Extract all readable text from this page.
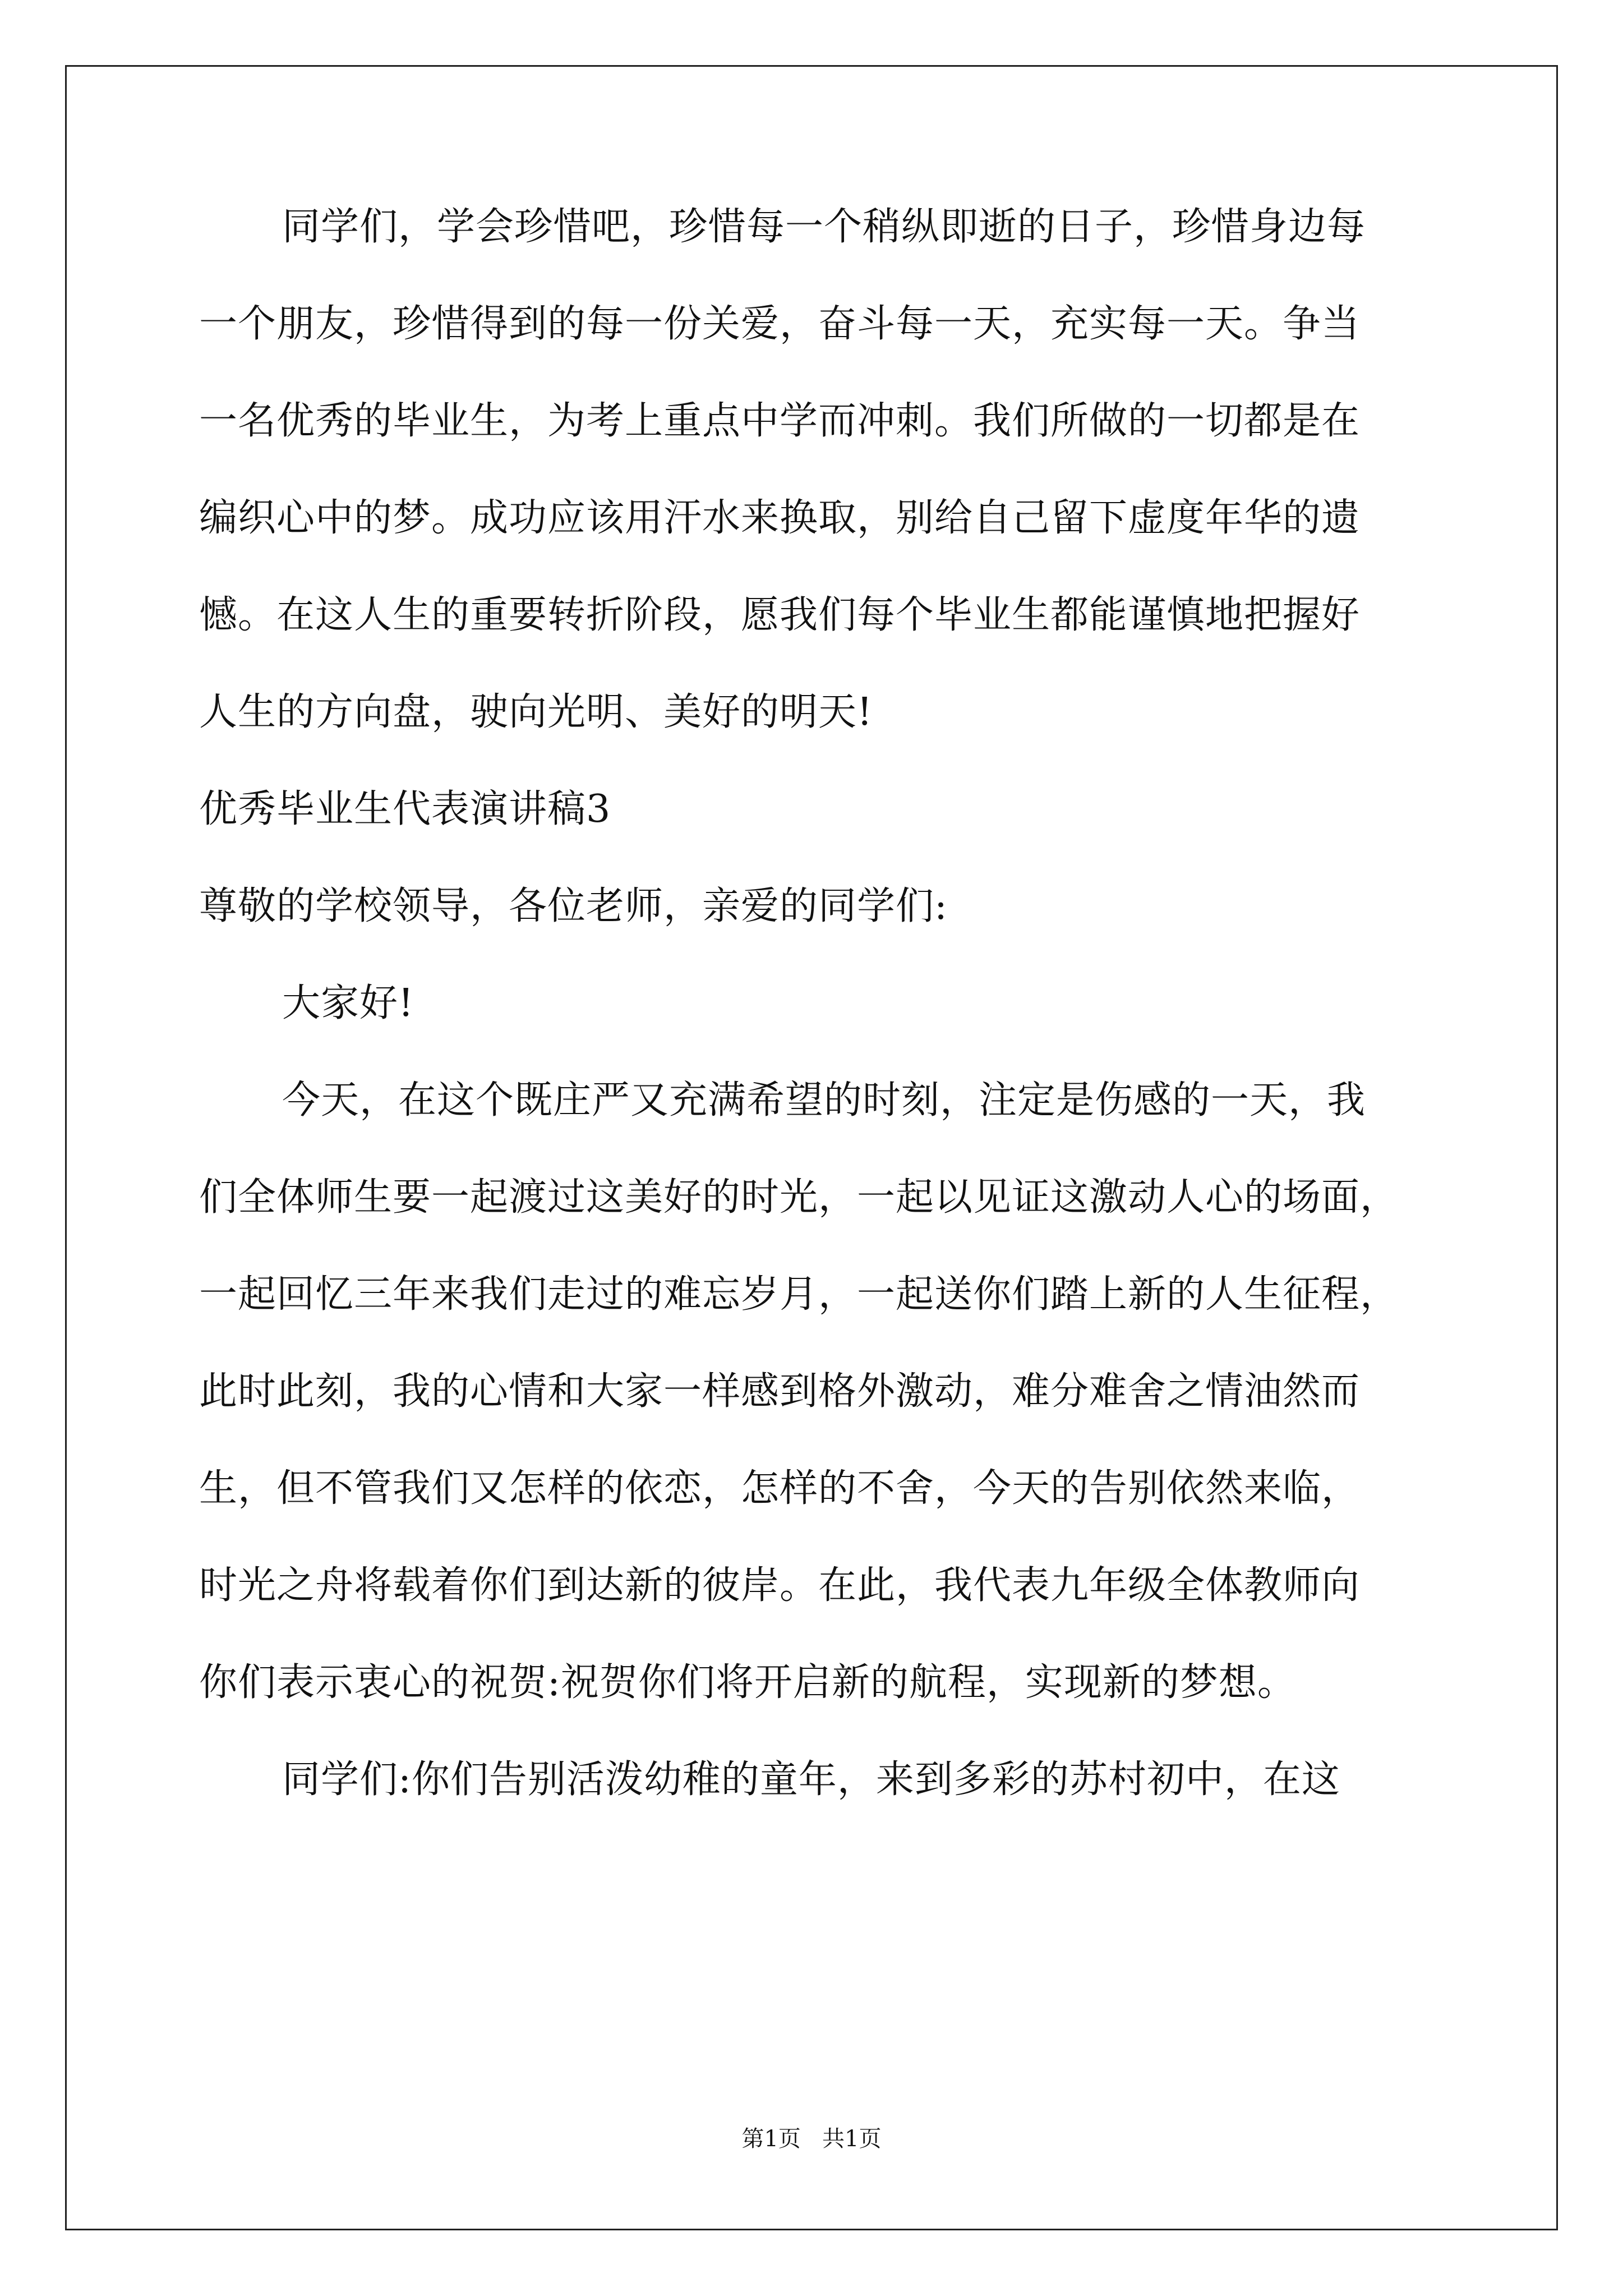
同学们，学会珍惜吧，珍惜每一个稍纵即逝的日子，珍惜身边每
一个朋友，珍惜得到的每一份关爱，奋斗每一天，充实每一天。争当
一名优秀的毕业生，为考上重点中学而冲刺。我们所做的一切都是在
编织心中的梦。成功应该用汗水来换取，别给自己留下虚度年华的遗
憾。在这人生的重要转折阶段，愿我们每个毕业生都能谨慎地把握好
人生的方向盘，驶向光明、美好的明天!
优秀毕业生代表演讲稿3
尊敬的学校领导，各位老师，亲爱的同学们:
大家好!
今天，在这个既庄严又充满希望的时刻，注定是伤感的一天，我
们全体师生要一起渡过这美好的时光，一起以见证这激动人心的场面，
一起回忆三年来我们走过的难忘岁月，一起送你们踏上新的人生征程，
此时此刻，我的心情和大家一样感到格外激动，难分难舍之情油然而
生，但不管我们又怎样的依恋，怎样的不舍，今天的告别依然来临，
时光之舟将载着你们到达新的彼岸。在此，我代表九年级全体教师向
你们表示衷心的祝贺:祝贺你们将开启新的航程，实现新的梦想。
同学们:你们告别活泼幼稚的童年，来到多彩的苏村初中，在这
第1页   共1页
